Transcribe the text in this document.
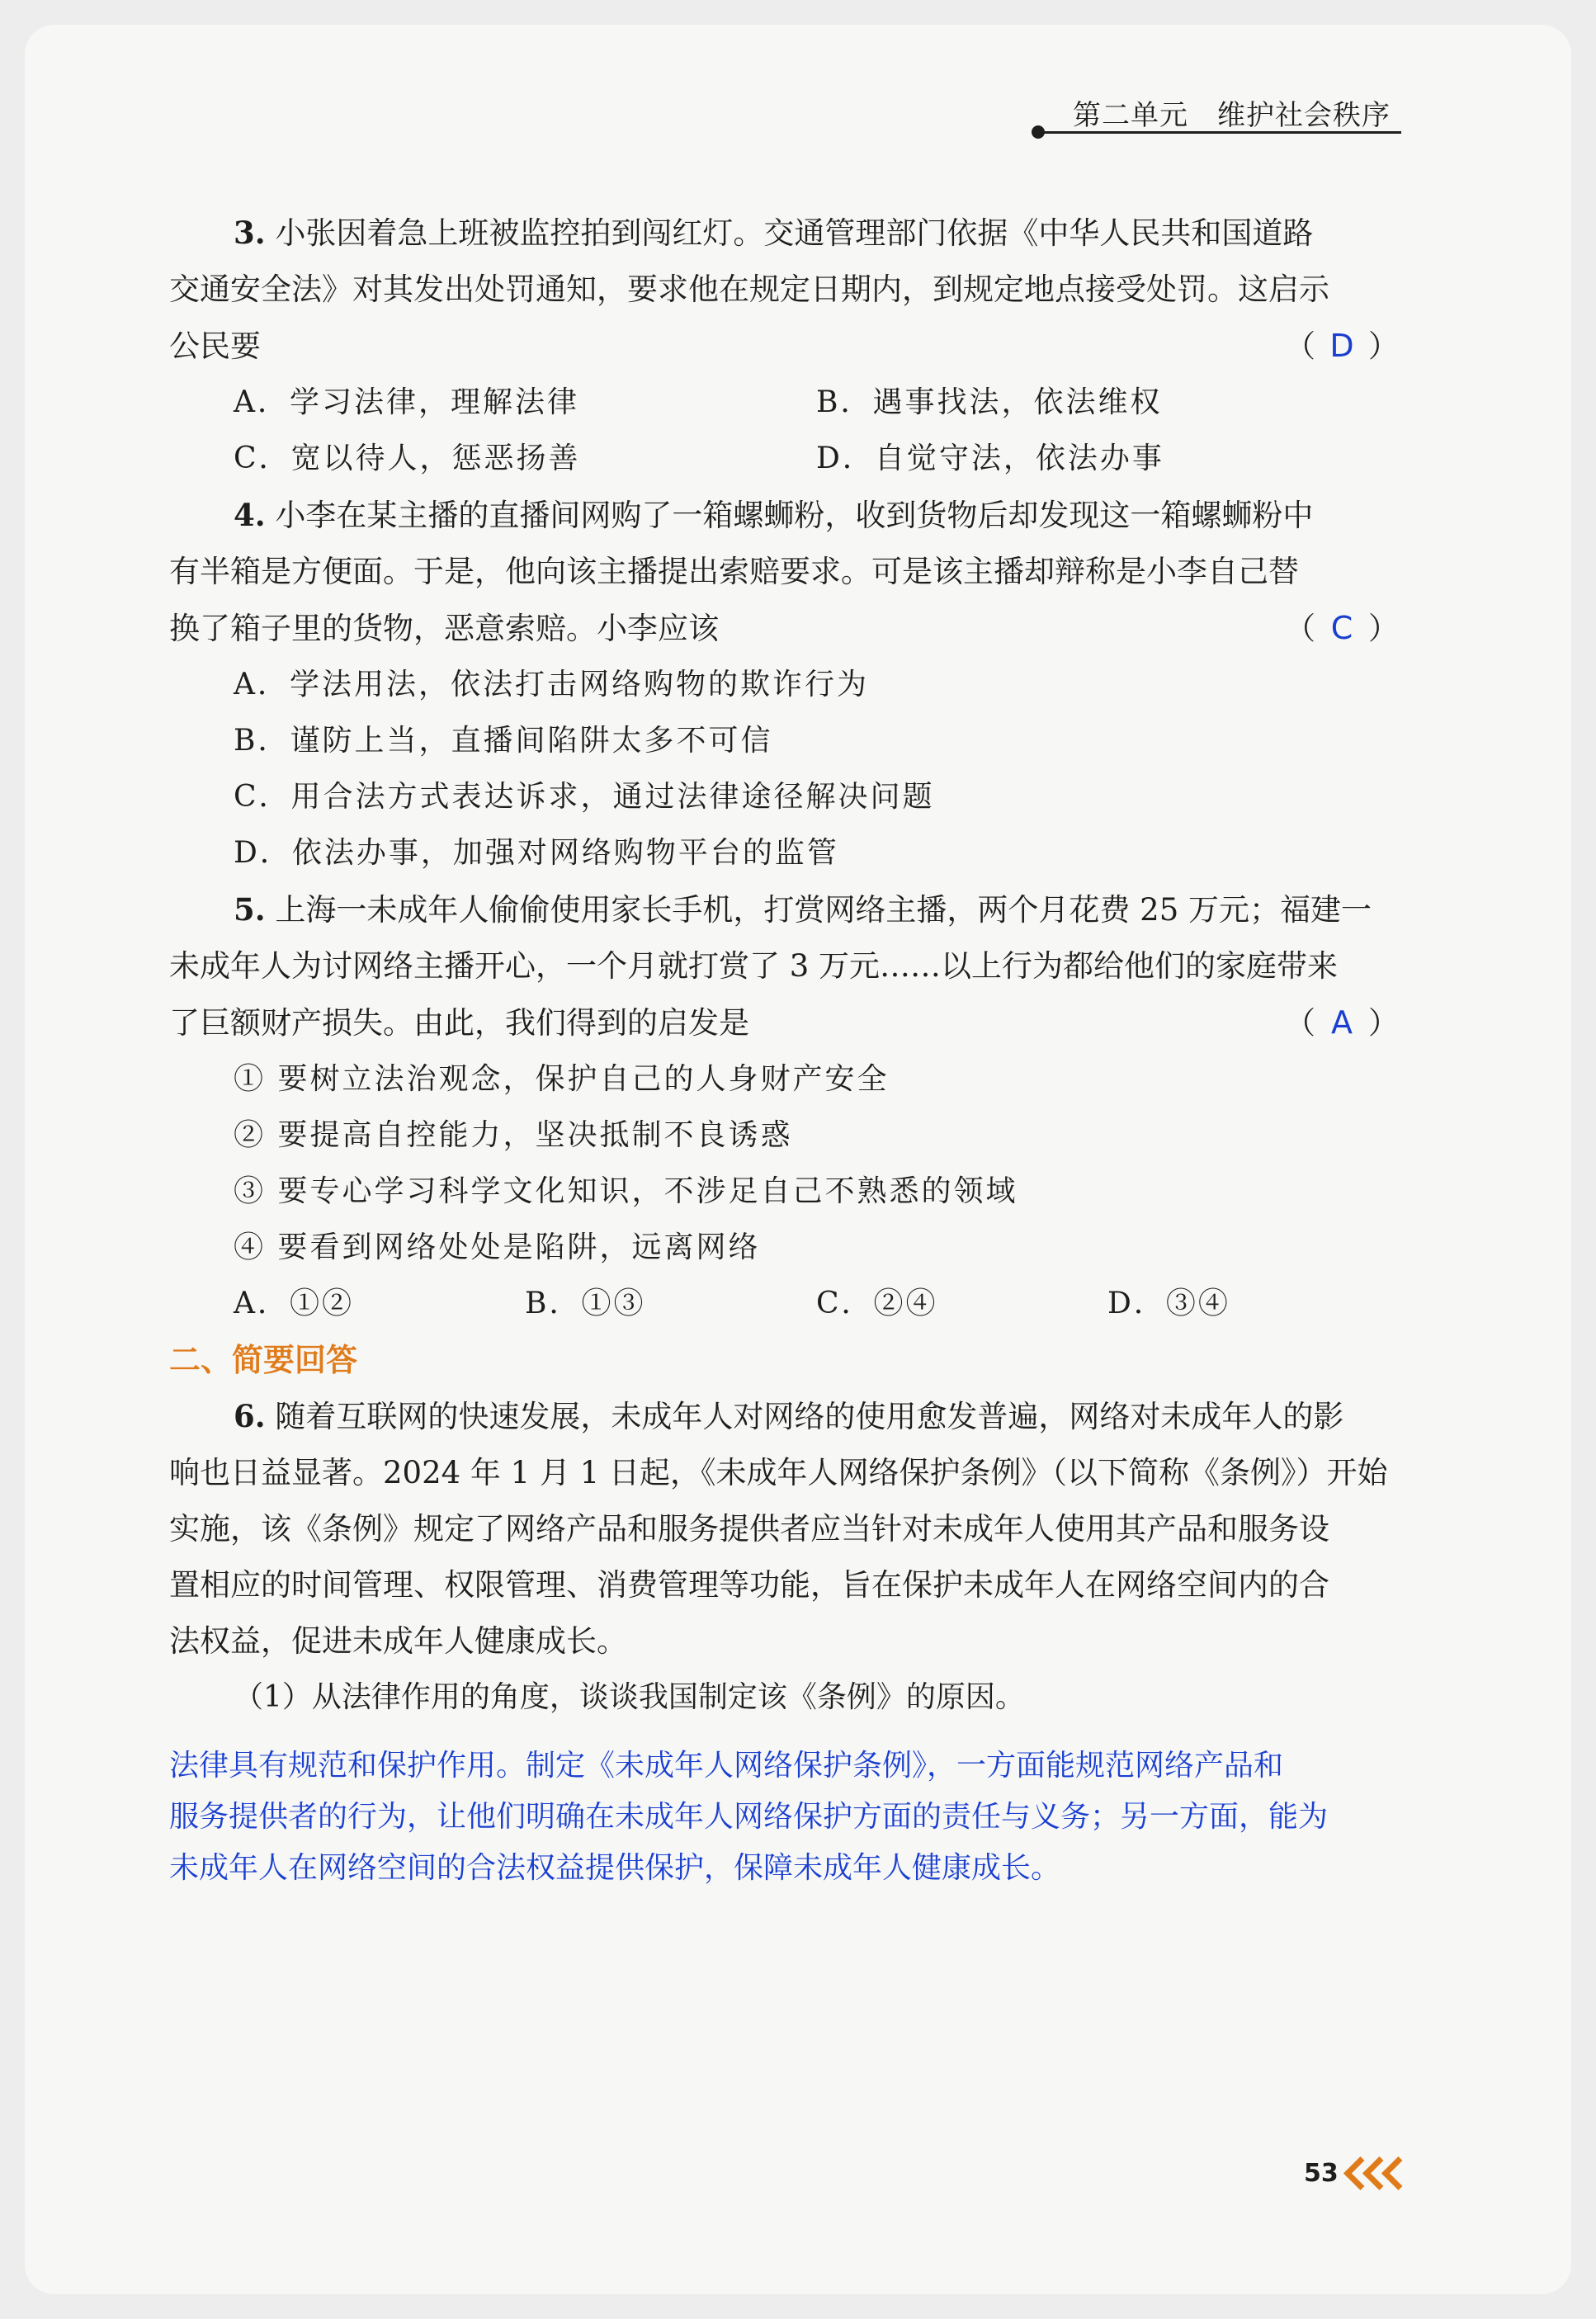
第二单元　维护社会秩序

3. 小张因着急上班被监控拍到闯红灯。交通管理部门依据《中华人民共和国道路
交通安全法》对其发出处罚通知，要求他在规定日期内，到规定地点接受处罚。这启示

公民要	（ D ）
A．学习法律，理解法律	B．遇事找法，依法维权
C．宽以待人，惩恶扬善	D．自觉守法，依法办事

4. 小李在某主播的直播间网购了一箱螺蛳粉，收到货物后却发现这一箱螺蛳粉中
有半箱是方便面。于是，他向该主播提出索赔要求。可是该主播却辩称是小李自己替

换了箱子里的货物，恶意索赔。小李应该	（ C ）

A．学法用法，依法打击网络购物的欺诈行为

B．谨防上当，直播间陷阱太多不可信

C．用合法方式表达诉求，通过法律途径解决问题

D．依法办事，加强对网络购物平台的监管

5. 上海一未成年人偷偷使用家长手机，打赏网络主播，两个月花费 25 万元；福建一
未成年人为讨网络主播开心，一个月就打赏了 3 万元……以上行为都给他们的家庭带来

了巨额财产损失。由此，我们得到的启发是	（ A ）

① 要树立法治观念，保护自己的人身财产安全

② 要提高自控能力，坚决抵制不良诱惑

③ 要专心学习科学文化知识，不涉足自己不熟悉的领域

④ 要看到网络处处是陷阱，远离网络

A．①②	B．①③	C．②④	D．③④

二、简要回答

6. 随着互联网的快速发展，未成年人对网络的使用愈发普遍，网络对未成年人的影
响也日益显著。2024 年 1 月 1 日起，《未成年人网络保护条例》（以下简称《条例》）开始
实施，该《条例》规定了网络产品和服务提供者应当针对未成年人使用其产品和服务设
置相应的时间管理、权限管理、消费管理等功能，旨在保护未成年人在网络空间内的合
法权益，促进未成年人健康成长。

（1）从法律作用的角度，谈谈我国制定该《条例》的原因。

法律具有规范和保护作用。制定《未成年人网络保护条例》，一方面能规范网络产品和
服务提供者的行为，让他们明确在未成年人网络保护方面的责任与义务；另一方面，能为
未成年人在网络空间的合法权益提供保护，保障未成年人健康成长。
53
